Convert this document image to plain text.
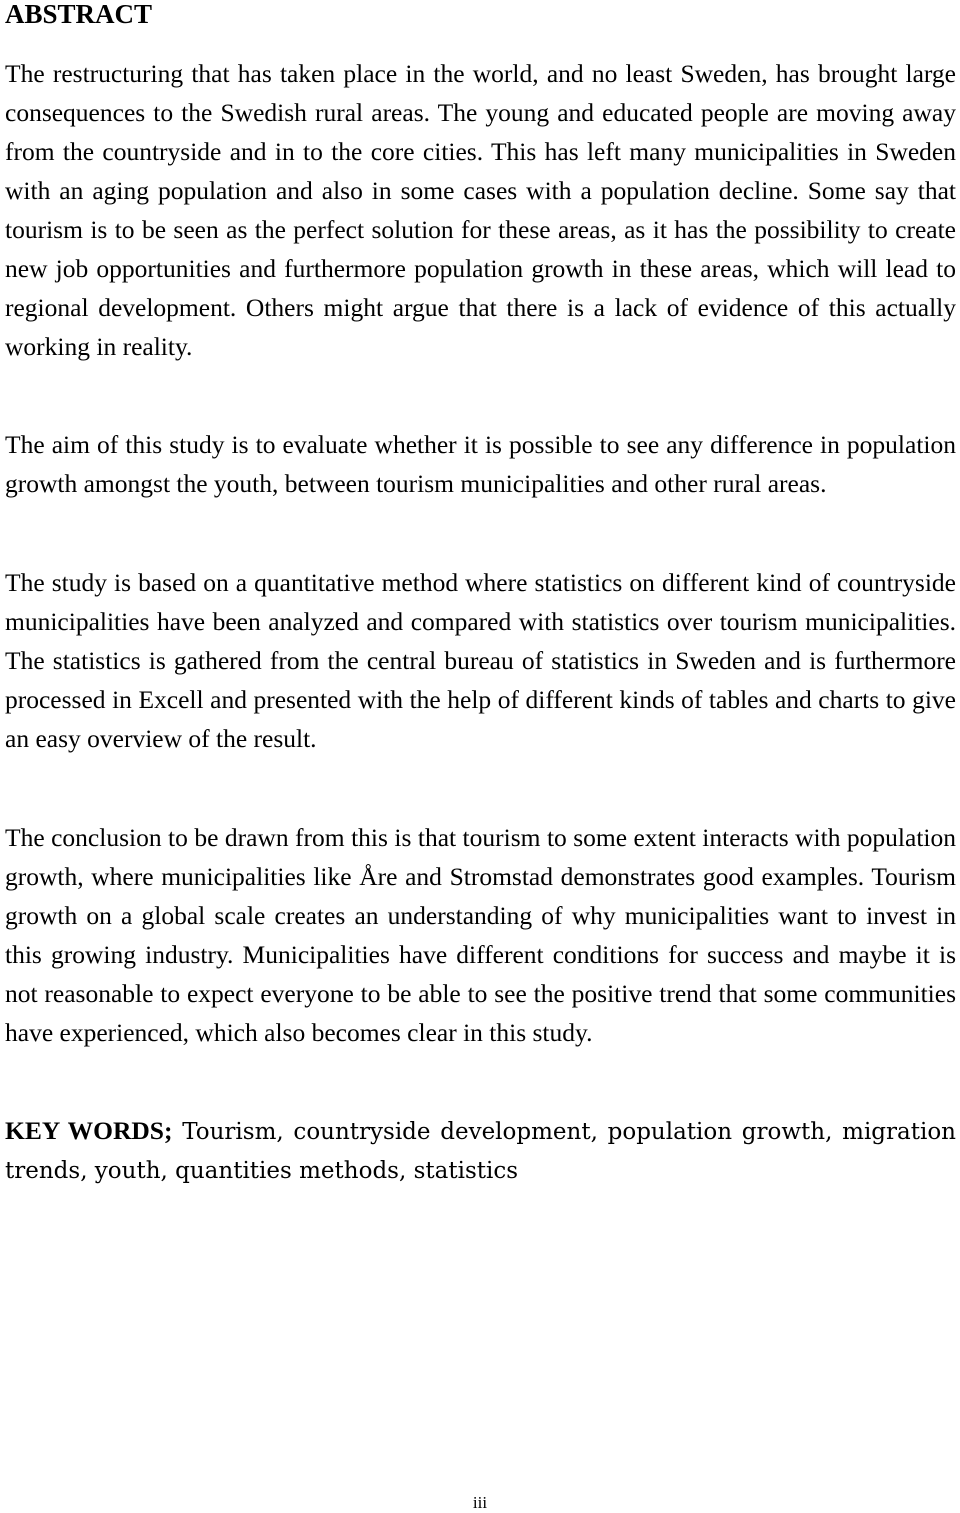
ABSTRACT

The restructuring that has taken place in the world, and no least Sweden, has brought large consequences to the Swedish rural areas. The young and educated people are moving away from the countryside and in to the core cities. This has left many municipalities in Sweden with an aging population and also in some cases with a population decline. Some say that tourism is to be seen as the perfect solution for these areas, as it has the possibility to create new job opportunities and furthermore population growth in these areas, which will lead to regional development. Others might argue that there is a lack of evidence of this actually working in reality.

The aim of this study is to evaluate whether it is possible to see any difference in population growth amongst the youth, between tourism municipalities and other rural areas.

The study is based on a quantitative method where statistics on different kind of countryside municipalities have been analyzed and compared with statistics over tourism municipalities. The statistics is gathered from the central bureau of statistics in Sweden and is furthermore processed in Excell and presented with the help of different kinds of tables and charts to give an easy overview of the result.

The conclusion to be drawn from this is that tourism to some extent interacts with population growth, where municipalities like Åre and Stromstad demonstrates good examples. Tourism growth on a global scale creates an understanding of why municipalities want to invest in this growing industry. Municipalities have different conditions for success and maybe it is not reasonable to expect everyone to be able to see the positive trend that some communities have experienced, which also becomes clear in this study.

KEY WORDS; Tourism, countryside development, population growth, migration trends, youth, quantities methods, statistics

iii
